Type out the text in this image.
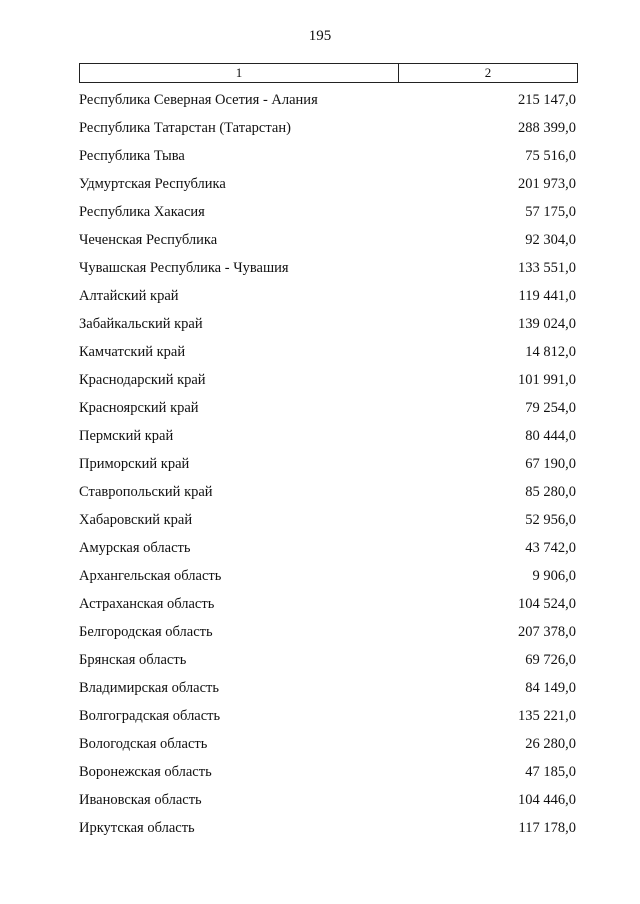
195
1	2
Республика Северная Осетия - Алания	215 147,0
Республика Татарстан (Татарстан)	288 399,0
Республика Тыва	75 516,0
Удмуртская Республика	201 973,0
Республика Хакасия	57 175,0
Чеченская Республика	92 304,0
Чувашская Республика - Чувашия	133 551,0
Алтайский край	119 441,0
Забайкальский край	139 024,0
Камчатский край	14 812,0
Краснодарский край	101 991,0
Красноярский край	79 254,0
Пермский край	80 444,0
Приморский край	67 190,0
Ставропольский край	85 280,0
Хабаровский край	52 956,0
Амурская область	43 742,0
Архангельская область	9 906,0
Астраханская область	104 524,0
Белгородская область	207 378,0
Брянская область	69 726,0
Владимирская область	84 149,0
Волгоградская область	135 221,0
Вологодская область	26 280,0
Воронежская область	47 185,0
Ивановская область	104 446,0
Иркутская область	117 178,0
